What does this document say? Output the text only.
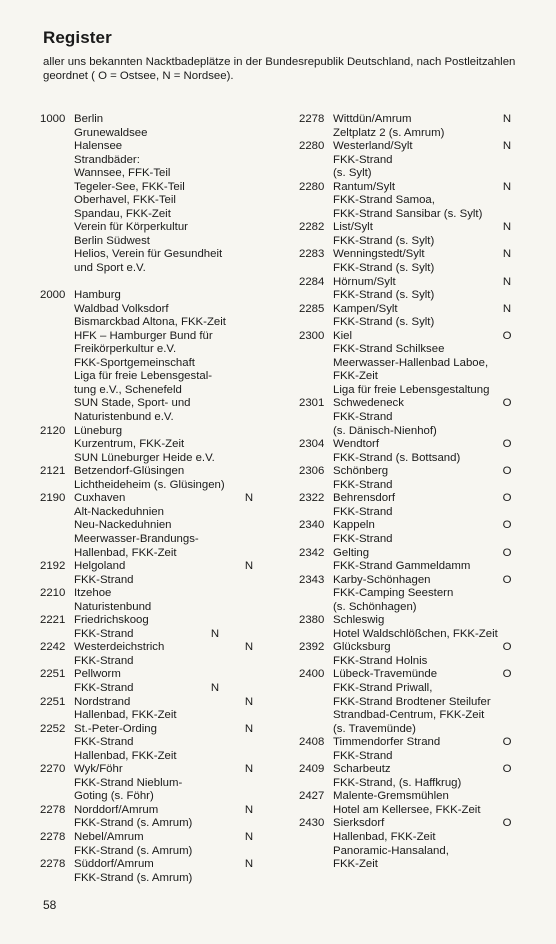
Register
aller uns bekannten Nacktbadeplätze in der Bundesrepublik Deutschland, nach Postleitzahlen geordnet ( O = Ostsee, N = Nordsee).
1000 Berlin
Grunewaldsee
Halensee
Strandbäder:
Wannsee, FFK-Teil
Tegeler-See, FKK-Teil
Oberhavel, FKK-Teil
Spandau, FKK-Zeit
Verein für Körperkultur
Berlin Südwest
Helios, Verein für Gesundheit
und Sport e.V.
2000 Hamburg
Waldbad Volksdorf
Bismarckbad Altona, FKK-Zeit
HFK – Hamburger Bund für
Freikörperkultur e.V.
FKK-Sportgemeinschaft
Liga für freie Lebensgestal-
tung e.V., Schenefeld
SUN Stade, Sport- und
Naturistenbund e.V.
2120 Lüneburg
Kurzentrum, FKK-Zeit
SUN Lüneburger Heide e.V.
2121 Betzendorf-Glüsingen
Lichtheideheim (s. Glüsingen)
2190 Cuxhaven	N
Alt-Nackeduhnien
Neu-Nackeduhnien
Meerwasser-Brandungs-
Hallenbad, FKK-Zeit
2192 Helgoland	N
FKK-Strand
2210 Itzehoe
Naturistenbund
2221 Friedrichskoog
FKK-Strand	N
2242 Westerdeichstrich	N
FKK-Strand
2251 Pellworm
FKK-Strand	N
2251 Nordstrand	N
Hallenbad, FKK-Zeit
2252 St.-Peter-Ording	N
FKK-Strand
Hallenbad, FKK-Zeit
2270 Wyk/Föhr	N
FKK-Strand Nieblum-
Goting (s. Föhr)
2278 Norddorf/Amrum	N
FKK-Strand (s. Amrum)
2278 Nebel/Amrum	N
FKK-Strand (s. Amrum)
2278 Süddorf/Amrum	N
FKK-Strand (s. Amrum)
2278 Wittdün/Amrum	N
Zeltplatz 2 (s. Amrum)
2280 Westerland/Sylt	N
FKK-Strand
(s. Sylt)
2280 Rantum/Sylt	N
FKK-Strand Samoa,
FKK-Strand Sansibar (s. Sylt)
2282 List/Sylt	N
FKK-Strand (s. Sylt)
2283 Wenningstedt/Sylt	N
FKK-Strand (s. Sylt)
2284 Hörnum/Sylt	N
FKK-Strand (s. Sylt)
2285 Kampen/Sylt	N
FKK-Strand (s. Sylt)
2300 Kiel	O
FKK-Strand Schilksee
Meerwasser-Hallenbad Laboe,
FKK-Zeit
Liga für freie Lebensgestaltung
2301 Schwedeneck	O
FKK-Strand
(s. Dänisch-Nienhof)
2304 Wendtorf	O
FKK-Strand (s. Bottsand)
2306 Schönberg	O
FKK-Strand
2322 Behrensdorf	O
FKK-Strand
2340 Kappeln	O
FKK-Strand
2342 Gelting	O
FKK-Strand Gammeldamm
2343 Karby-Schönhagen	O
FKK-Camping Seestern
(s. Schönhagen)
2380 Schleswig
Hotel Waldschlößchen, FKK-Zeit
2392 Glücksburg	O
FKK-Strand Holnis
2400 Lübeck-Travemünde	O
FKK-Strand Priwall,
FKK-Strand Brodtener Steilufer
Strandbad-Centrum, FKK-Zeit
(s. Travemünde)
2408 Timmendorfer Strand	O
FKK-Strand
2409 Scharbeutz	O
FKK-Strand, (s. Haffkrug)
2427 Malente-Gremsmühlen
Hotel am Kellersee, FKK-Zeit
2430 Sierksdorf	O
Hallenbad, FKK-Zeit
Panoramic-Hansaland,
FKK-Zeit
58
